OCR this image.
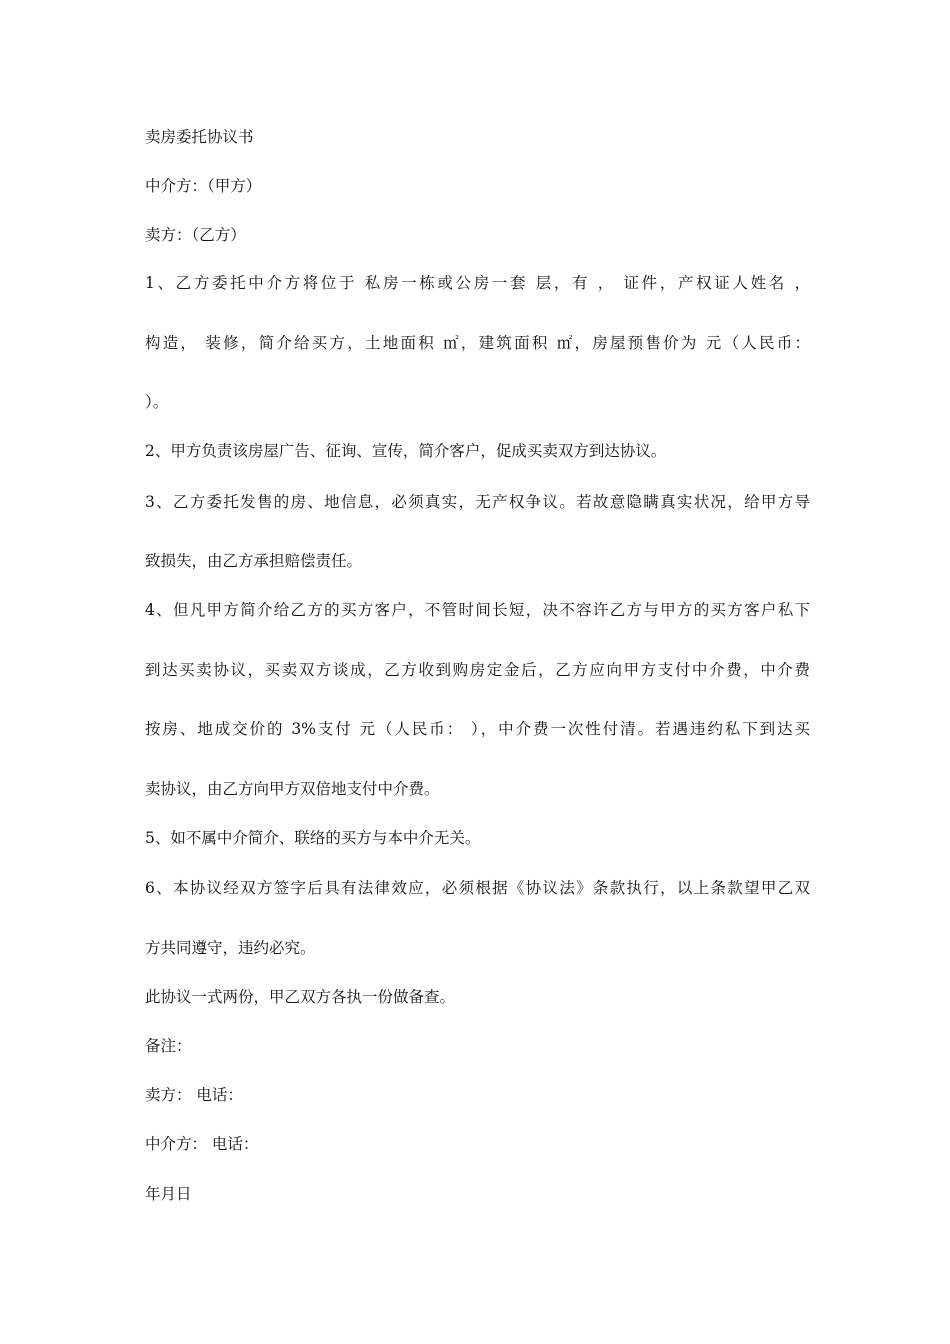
卖房委托协议书
中介方：（甲方）
卖方：（乙方）
1、乙方委托中介方将位于 私房一栋或公房一套 层，有 ， 证件，产权证人姓名 ，
构造， 装修，简介给买方，土地面积 ㎡，建筑面积 ㎡，房屋预售价为 元（人民币：
）。
2、甲方负责该房屋广告、征询、宣传，简介客户，促成买卖双方到达协议。
3、乙方委托发售的房、地信息，必须真实，无产权争议。若故意隐瞒真实状况，给甲方导
致损失，由乙方承担赔偿责任。
4、但凡甲方简介给乙方的买方客户，不管时间长短，决不容许乙方与甲方的买方客户私下
到达买卖协议，买卖双方谈成，乙方收到购房定金后，乙方应向甲方支付中介费，中介费
按房、地成交价的 3%支付 元（人民币： ），中介费一次性付清。若遇违约私下到达买
卖协议，由乙方向甲方双倍地支付中介费。
5、如不属中介简介、联络的买方与本中介无关。
6、本协议经双方签字后具有法律效应，必须根据《协议法》条款执行，以上条款望甲乙双
方共同遵守，违约必究。
此协议一式两份，甲乙双方各执一份做备查。
备注：
卖方： 电话：
中介方： 电话：
年月日
